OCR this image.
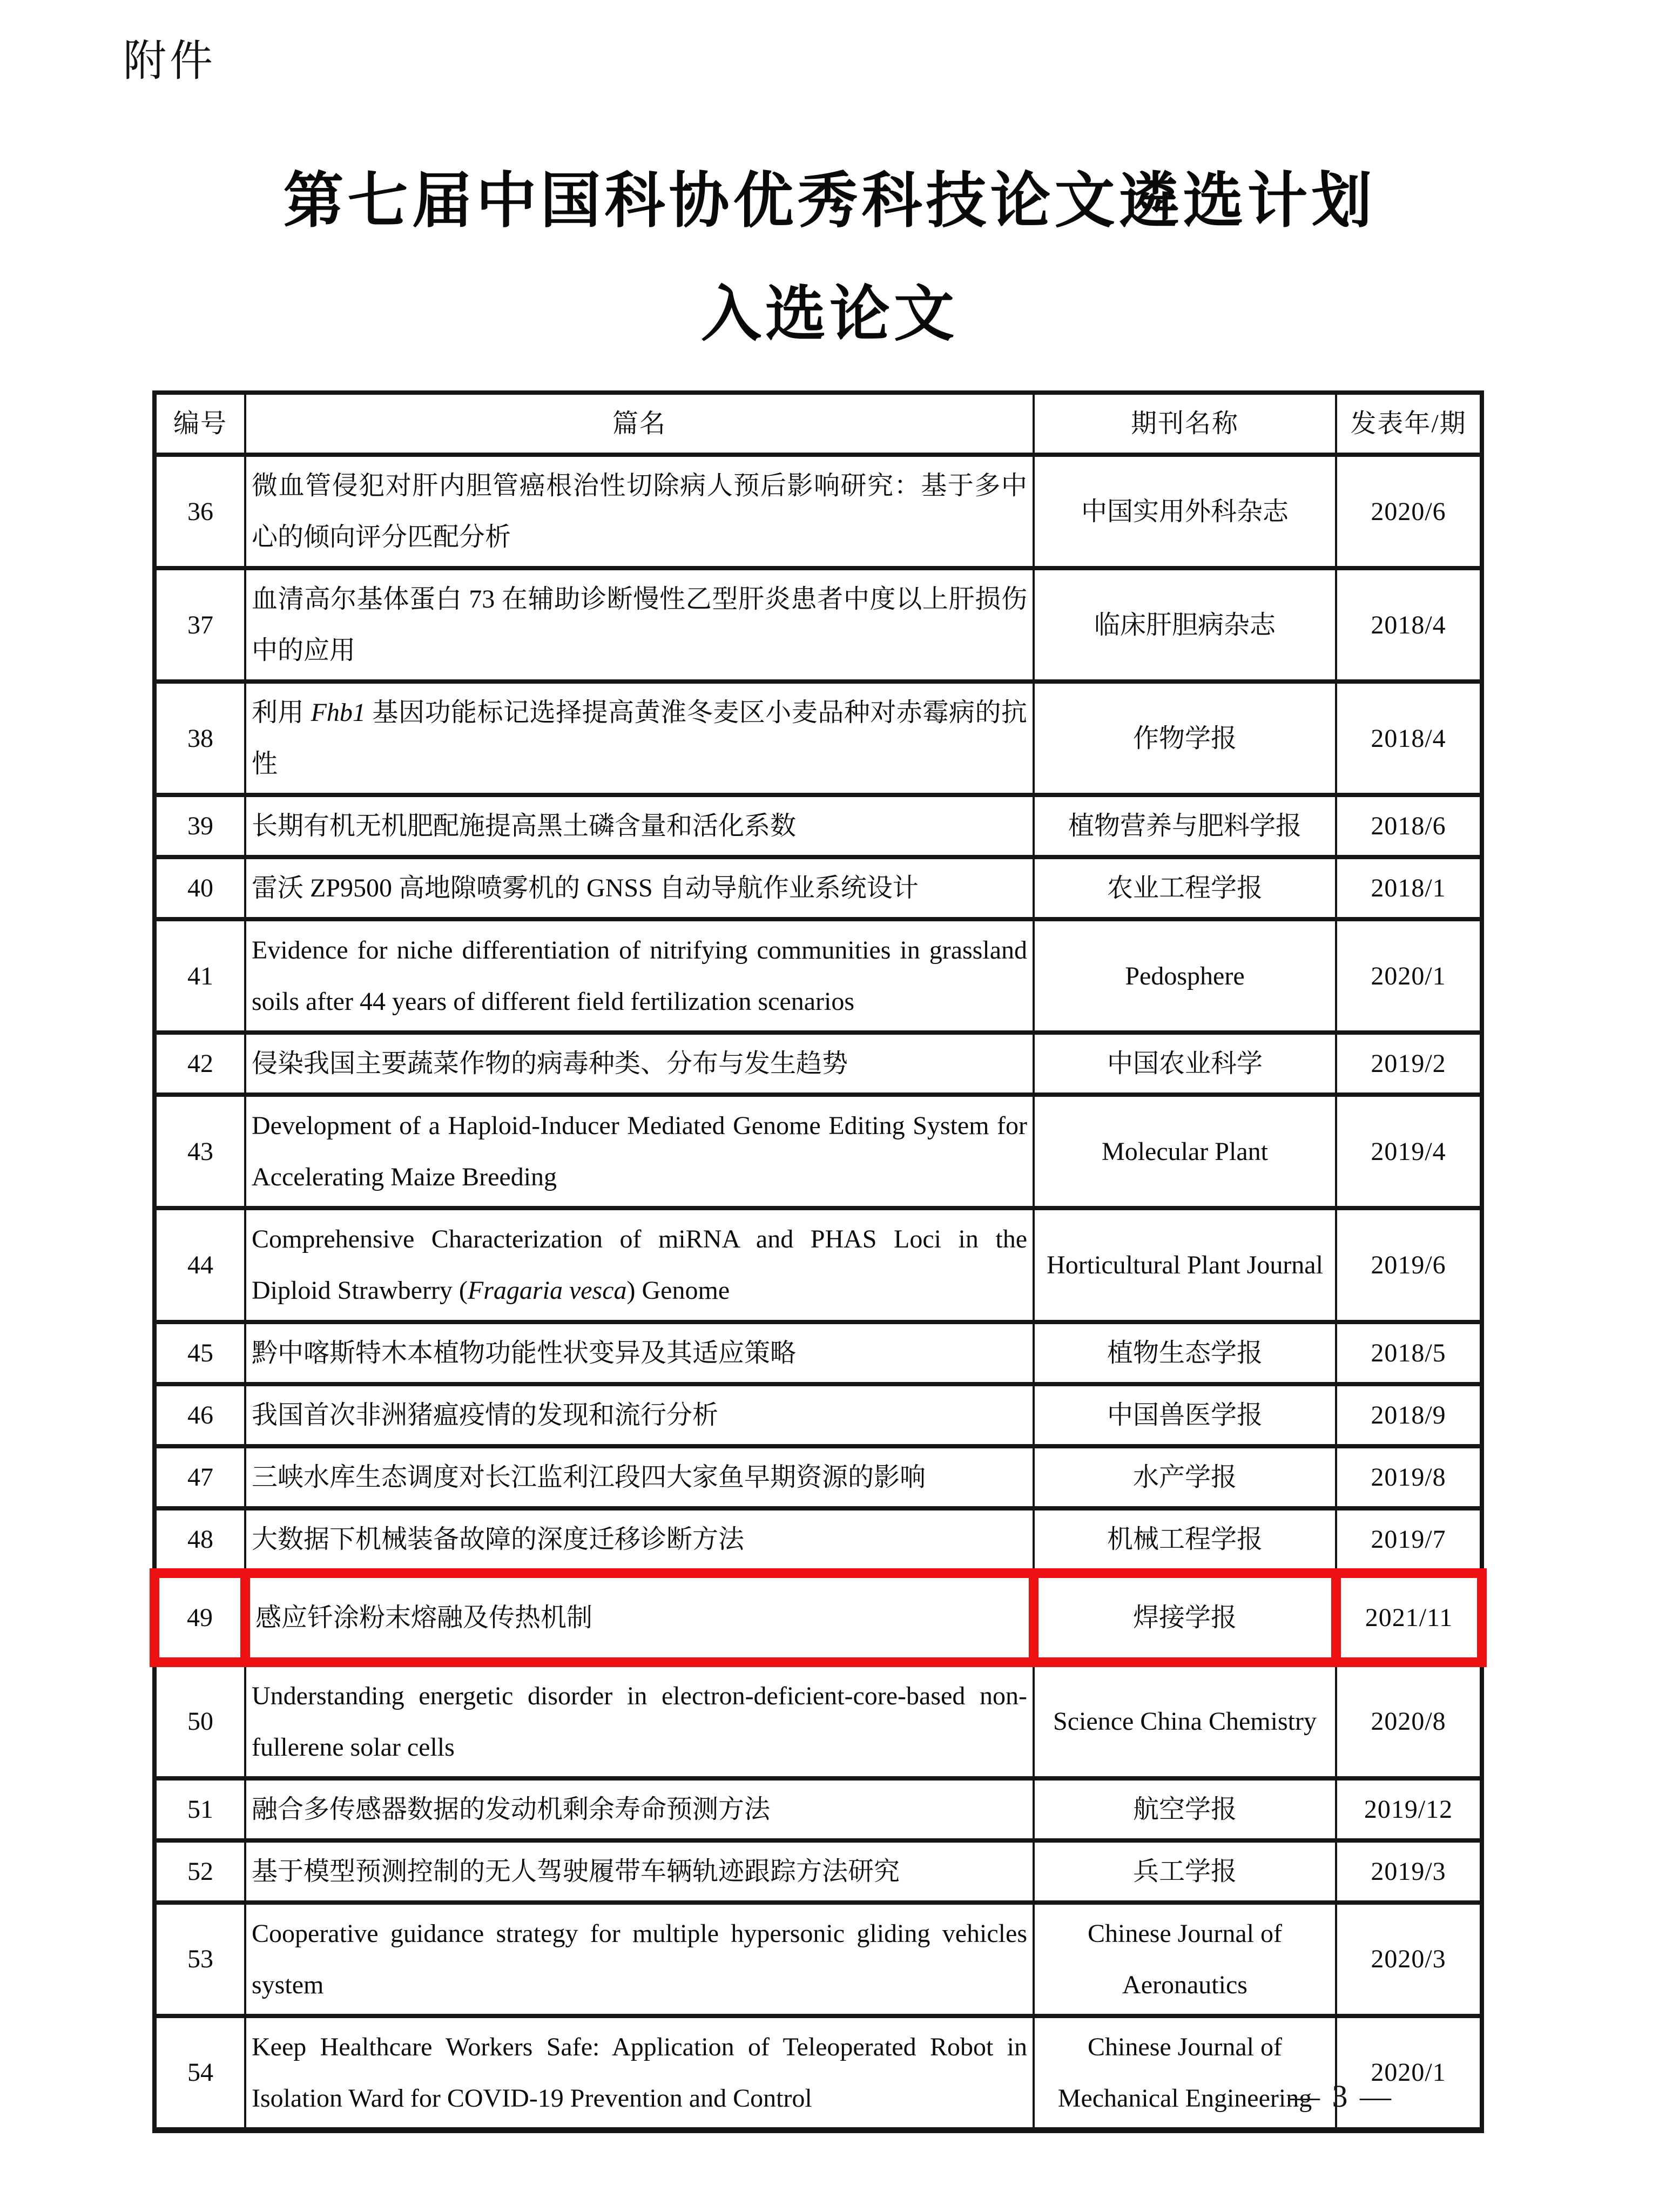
附件
第七届中国科协优秀科技论文遴选计划
入选论文
编号	篇名	期刊名称	发表年/期
36	微血管侵犯对肝内胆管癌根治性切除病人预后影响研究：基于多中心的倾向评分匹配分析	中国实用外科杂志	2020/6
37	血清高尔基体蛋白 73 在辅助诊断慢性乙型肝炎患者中度以上肝损伤中的应用	临床肝胆病杂志	2018/4
38	利用 Fhb1 基因功能标记选择提高黄淮冬麦区小麦品种对赤霉病的抗性	作物学报	2018/4
39	长期有机无机肥配施提高黑土磷含量和活化系数	植物营养与肥料学报	2018/6
40	雷沃 ZP9500 高地隙喷雾机的 GNSS 自动导航作业系统设计	农业工程学报	2018/1
41	Evidence for niche differentiation of nitrifying communities in grassland soils after 44 years of different field fertilization scenarios	Pedosphere	2020/1
42	侵染我国主要蔬菜作物的病毒种类、分布与发生趋势	中国农业科学	2019/2
43	Development of a Haploid-Inducer Mediated Genome Editing System for Accelerating Maize Breeding	Molecular Plant	2019/4
44	Comprehensive Characterization of miRNA and PHAS Loci in the Diploid Strawberry (Fragaria vesca) Genome	Horticultural Plant Journal	2019/6
45	黔中喀斯特木本植物功能性状变异及其适应策略	植物生态学报	2018/5
46	我国首次非洲猪瘟疫情的发现和流行分析	中国兽医学报	2018/9
47	三峡水库生态调度对长江监利江段四大家鱼早期资源的影响	水产学报	2019/8
48	大数据下机械装备故障的深度迁移诊断方法	机械工程学报	2019/7
49	感应钎涂粉末熔融及传热机制	焊接学报	2021/11
50	Understanding energetic disorder in electron-deficient-core-based non-fullerene solar cells	Science China Chemistry	2020/8
51	融合多传感器数据的发动机剩余寿命预测方法	航空学报	2019/12
52	基于模型预测控制的无人驾驶履带车辆轨迹跟踪方法研究	兵工学报	2019/3
53	Cooperative guidance strategy for multiple hypersonic gliding vehicles system	Chinese Journal of Aeronautics	2020/3
54	Keep Healthcare Workers Safe: Application of Teleoperated Robot in Isolation Ward for COVID-19 Prevention and Control	Chinese Journal of Mechanical Engineering	2020/1
— 3 —
